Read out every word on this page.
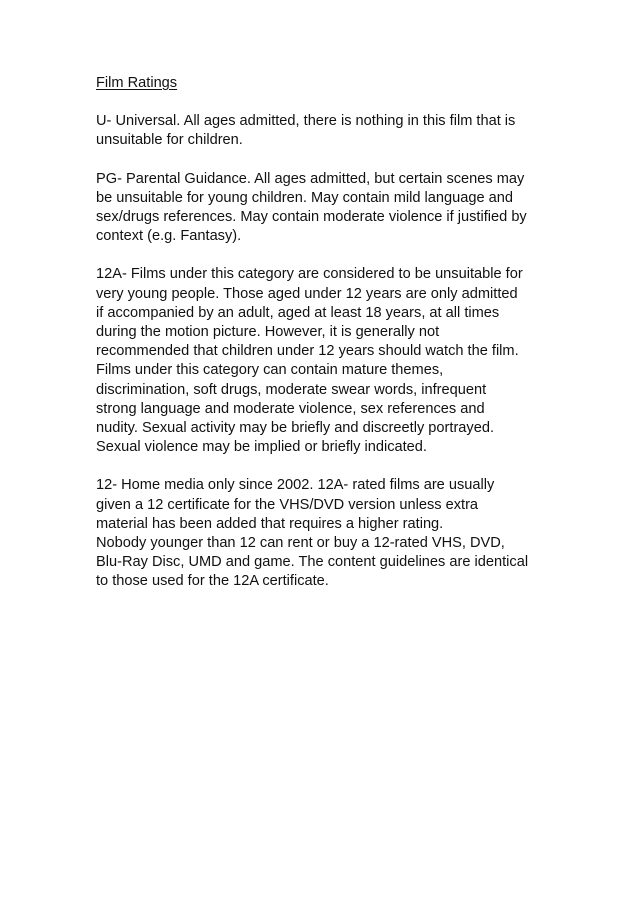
Film Ratings
U- Universal. All ages admitted, there is nothing in this film that is
unsuitable for children.
PG- Parental Guidance. All ages admitted, but certain scenes may
be unsuitable for young children. May contain mild language and
sex/drugs references. May contain moderate violence if justified by
context (e.g. Fantasy).
12A- Films under this category are considered to be unsuitable for
very young people. Those aged under 12 years are only admitted
if accompanied by an adult, aged at least 18 years, at all times
during the motion picture. However, it is generally not
recommended that children under 12 years should watch the film.
Films under this category can contain mature themes,
discrimination, soft drugs, moderate swear words, infrequent
strong language and moderate violence, sex references and
nudity. Sexual activity may be briefly and discreetly portrayed.
Sexual violence may be implied or briefly indicated.
12- Home media only since 2002. 12A- rated films are usually
given a 12 certificate for the VHS/DVD version unless extra
material has been added that requires a higher rating.
Nobody younger than 12 can rent or buy a 12-rated VHS, DVD,
Blu-Ray Disc, UMD and game. The content guidelines are identical
to those used for the 12A certificate.
